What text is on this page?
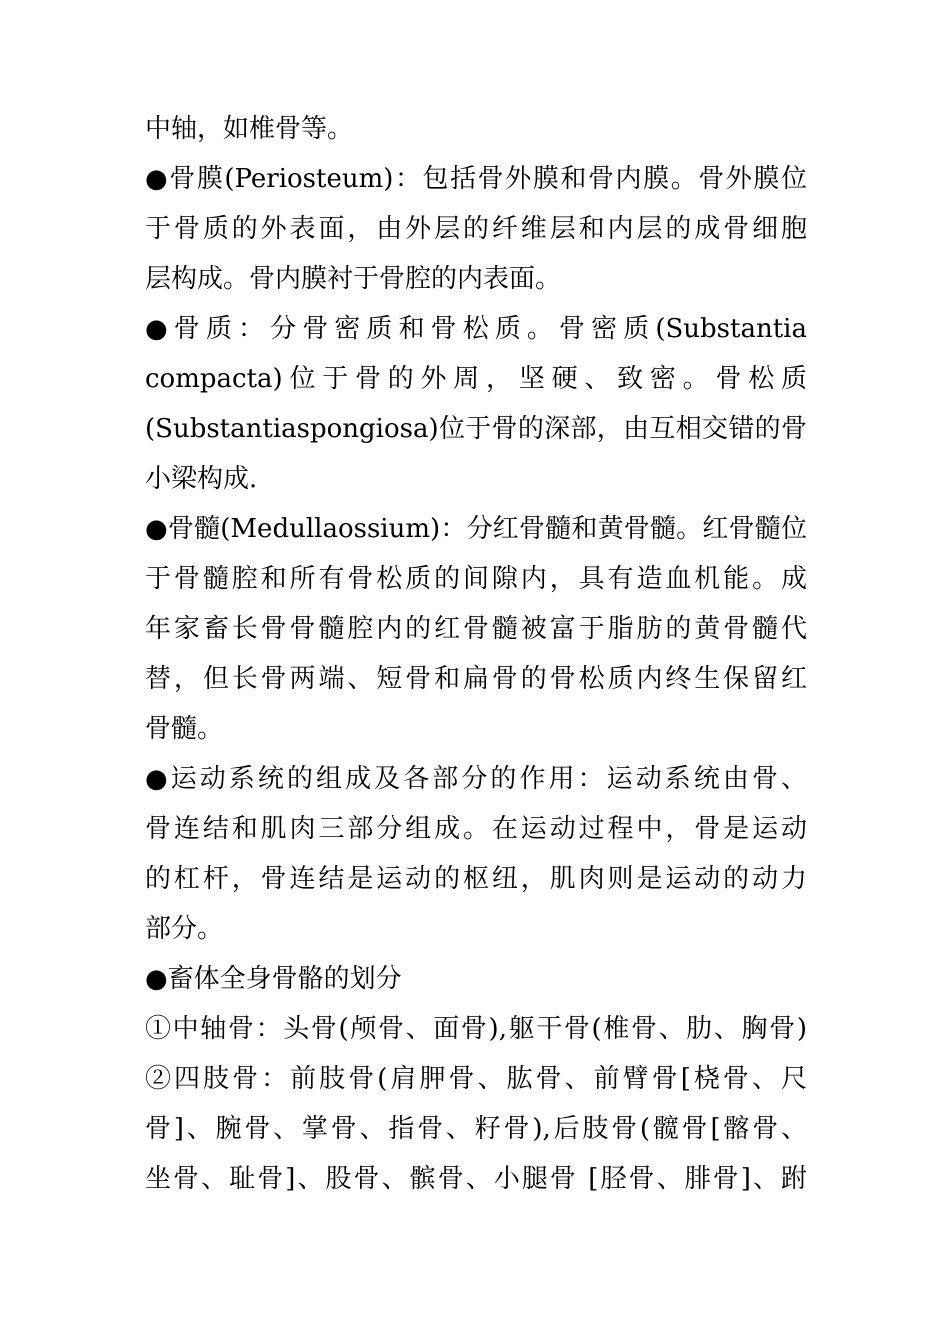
中轴，如椎骨等。
●骨膜(Periosteum)：包括骨外膜和骨内膜。骨外膜位
于骨质的外表面，由外层的纤维层和内层的成骨细胞
层构成。骨内膜衬于骨腔的内表面。
●骨质：分骨密质和骨松质。骨密质(Substantia
compacta)位于骨的外周，坚硬、致密。骨松质
(Substantiaspongiosa)位于骨的深部，由互相交错的骨
小梁构成.
●骨髓(Medullaossium)：分红骨髓和黄骨髓。红骨髓位
于骨髓腔和所有骨松质的间隙内，具有造血机能。成
年家畜长骨骨髓腔内的红骨髓被富于脂肪的黄骨髓代
替，但长骨两端、短骨和扁骨的骨松质内终生保留红
骨髓。
●运动系统的组成及各部分的作用：运动系统由骨、
骨连结和肌肉三部分组成。在运动过程中，骨是运动
的杠杆，骨连结是运动的枢纽，肌肉则是运动的动力
部分。
●畜体全身骨骼的划分
①中轴骨：头骨(颅骨、面骨),躯干骨(椎骨、肋、胸骨)
②四肢骨：前肢骨(肩胛骨、肱骨、前臂骨[桡骨、尺
骨]、腕骨、掌骨、指骨、籽骨),后肢骨(髋骨[髂骨、
坐骨、耻骨]、股骨、髌骨、小腿骨 [胫骨、腓骨]、跗
